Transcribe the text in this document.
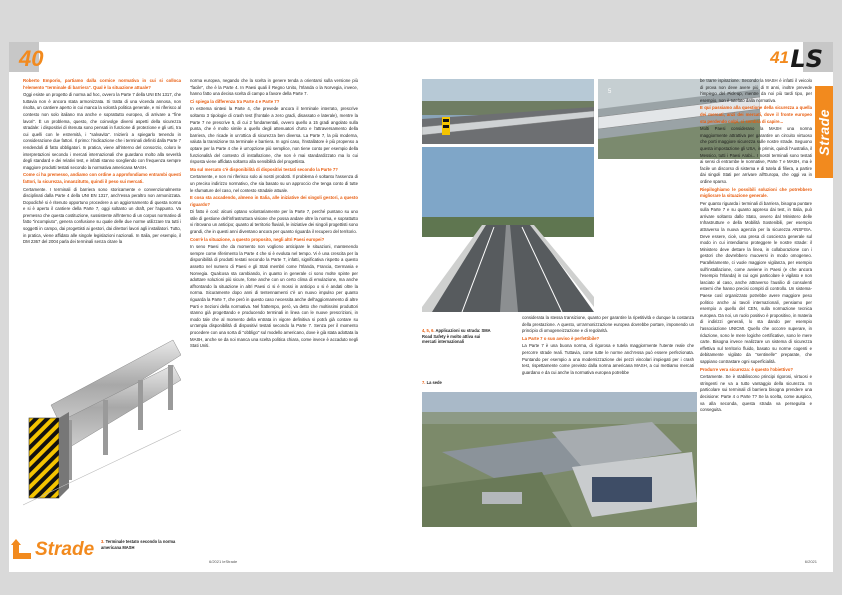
40

Roberto Emporio, partiamo dalla cornice normativa in cui si colloca l'elemento "terminale di barriera". Qual è la situazione attuale?

Oggi esiste un progetto di norma ad hoc, ovvero la Parte 7 della UNI EN 1317, che tuttavia non è ancora stata armonizzata. Si tratta di una vicenda annosa, non risolta, un cantiere aperto in cui manca la volontà politica generale, e mi riferisco al contesto non solo italiano ma anche e soprattutto europeo, di arrivare a "fine lavori". È un problema, questo, che coinvolge diversi aspetti della sicurezza stradale: i dispositivi di ritenuta sono pensati in funzione di protezione e gli urti, tra cui quelli con le estremità, i "salvavita". Inizierò a spiegarlo tenendo in considerazione due fattori. Il primo: l'indicazione che i terminali definiti dalla Parte 7 rendendoli di fatto obbligatori. In pratica, viene all'interno del consorzio, coloro le interpretazioni secondo i mercati internazionali che guardano molto alla severità degli standard e dei relativi test, e infatti stanno scegliendo con frequenza sempre maggiore prodotti testati secondo la normativa americana MASH.

Come ci ha premesso, andiamo con ordine a approfondiamo entrambi questi fattori, la sicurezza, innanzitutto, quindi il peso sui mercati.

Certamente. I terminali di barriera sono storicamente e convenzionalmente disciplinati dalla Parte 4 della UNI EN 1317, anch'essa peraltro non armonizzata. Dopodiché si è ritenuto opportuno procedere a un aggiornamento di questa norma e si è aperto il cantiere della Parte 7, oggi soltanto un draft, per l'appunto. Va premesso che questa costituzione, sussistente all'interno di un corpus normativo di fatto "incompiuto", genera confusione su quale delle due norme utilizzare tra tutti i soggetti in campo, dai progettisti ai gestori, dai direttori lavori agli installatori. Tutto, in pratica, viene affidato alle singole legislazioni nazionali. In Italia, per esempio, il DM 2367 del 2004 parla dei terminali senza citare la

norma europea, negando che la scelta in genere tenda a orientarsi sulla versione più "facile", che è la Parte 4. In Paesi quali il Regno Unito, l'Irlanda o la Norvegia, invece, hanno fatto una decisa scelta di campo a favore della Parte 7.

Ci spiega la differenza tra Parte 4 e Parte 7?

In estrema sintesi la Parte 4, che prevede ancora il terminale interrato, prescrive soltanto 3 tipologie di crash test (frontale a zero gradi, disassato e laterale), mentre la Parte 7 ne prescrive 5, di cui 2 fondamentali, ovvero quello a 15 gradi angolato sulla punta, che è molto simile a quello degli attenuatori d'urto e l'attraversamento della barriera, che ricade in un'ottica di sicurezza ben diversa. La Parte 7, la più moderna, valuta la transizione tra terminale e barriera. In ogni caso, l'installatore è più propenso a optare per la Parte 4 che è un'opzione più semplice, non tiene conto per esempio della funzionalità del contesto di installazione, che non è mai standardizzato ma lo cui risposta viene affidata soltanto alla sensibilità del progettista.

Ma sul mercato c'è disponibilità di dispositivi testati secondo la Parte 7?

Certamente, e non mi riferisco solo ai nostri prodotti. Il problema è soltanto l'assenza di un preciso indirizzo normativo, che sia basato su un approccio che tenga conto di tutte le sfumature del caso, nel contesto stradale attuale.

E cosa sta accadendo, almeno in Italia, alle iniziative dei singoli gestori, a questo riguardo?

Di fatto è così: alcuni optano volontariamente per la Parte 7, perché puntano su uno stile di gestione dell'infrastruttura visione che possa andare oltre la norma, e soprattutto vi ritrovano un anticipo; quanto al territorio fluviali, le iniziative dei singoli progettisti sono grandi, che in questi anni diventano ancora per quanto riguarda il recupero del territorio.

Com'è la situazione, a questo proposito, negli altri Paesi europei?

In seno Paesi che da momento non vogliono anticipare le situazioni, mantenendo sempre come riferimento la Parte 4 che si è evoluta nel tempo. Vi è una crescita per la disponibilità di prodotti testati secondo la Parte 7, infatti, significativa rispetto a questo assetto nel numero di Paesi e gli Stati membri come l'Irlanda, Francia, Germania e Norvegia. Qualcosa sta cambiando, in quanto in generale ci sono molte spinte per adottare soluzioni più sicure, forse anche con un certo clima di emulazione, ma anche affrontando la situazione in altri Paesi ci si è mossi in anticipo o si è andati oltre la norma. Sicuramente dopo anni di tentennamenti c'è un nuovo impulso per quanto riguarda la Parte 7, che però in questo caso necessita anche dell'aggiornamento di altre Parti e Sezioni della normativa. Nel frattempo, però, va detto che moltissimi produttori stanno già progettando e producendo terminali in linea con le nuove prescrizioni, in modo tale che al momento della entrata in vigore definitiva si potrà già contare su un'ampia disponibilità di dispositivi testati secondo la Parte 7. Senza per il momento procedere con una sorta di "obbligo" sul modello americano, dove è già stata adottata la MASH, anche se da noi manca una scelta politica chiara, come invece è accaduto negli Stati Uniti.

3. Terminale testato secondo la norma americana MASH
Strade
6/2021 leStrade
41 LS
Strade
5
4, 5, 6. Applicazioni su strada: SMA Road Safety è molto attiva sui mercati internazionali
7. La sede

considerata la stessa transizione, quanto per garantire la ripetitività e dunque la costanza della prestazione. A questo, un'armonizzazione europea dovrebbe portare, imponendo un principio di omogeneizzazione e di regolarità.

La Parte 7 o suo avviso è perfettibile?

La Parte 7 è una buona norma, di rigorosa e tutela maggiormente l'utente reale che percorre strade reali. Tuttavia, come tutte le norme anch'essa può essere perfezionata. Puntando per esempio a una modernizzazione dei pezzi vincolari impiegati per i crash test, rispettamente come previsto dalla norma americana MASH, a cui mettiamo mercati guardano e da cui anche la normativa europea potrebbe

be trarre ispirazione. Secondo la MASH è infatti il veicolo di prova non deve avere più di 8 anni, inoltre prevede l'impiego del Pick-up, mentre da noi più tardi tipo, per esempio, non è tutelato dalla normativa.

E qui passiamo alla questione della sicurezza a quella dei mercati, anzi dei mercati, dove il fronte europeo sta perdendo colpi, ci sembra di capire...

Molti Paesi considerano la MASH una norma maggiormente attrattiva per garantire un circuito virtuoso che porti maggiore sicurezza sulle nostre strade. Seguono questa impostazione gli USA, in primis, quindi l'Australia, il Messico, tutti i Paesi Arabi... I nostri terminali sono testati ai sensi di entrambe le normative, Parte 7 e MASH, ma è facile un discorso di sistema e di tutela di filiera, a partire dai singoli Stati per arrivare all'Europa, che oggi va in ordine sparso.

Riepiloghiamo le possibili soluzioni che potrebbero migliorare la situazione generale.

Per quanto riguarda i terminali di barriera, bisogna puntare sulla Parte 7 e su quanto appreso dai test, in Italia, può arrivare soltanto dallo Stato, ovvero dal Ministero delle Infrastrutture e della Mobilità Sostenibili, per esempio attraverso la nuova agenzia per la sicurezza ANSFISA. Deve essere, cioè, una presa di coscienza generale sul modo in cui intendiamo proteggere le nostre strade: il Ministero deve dettare la linea, in collaborazione con i gestori che dovrebbero muoversi in modo omogeneo. Parallelamente, ci vuole maggiore vigilanza, per esempio sull'installazione, come avviene in Paesi (e che ancora l'esempio l'Irlanda) in cui ogni particolare è vigilato e non lasciato al caso, anche attraverso l'ausilio di consulenti esterni che hanno precisi compiti di controllo. Un sistema-Paese così organizzato potrebbe avere maggiore peso politico anche ai tavoli internazionali, pensiamo per esempio a quello del CEN, sulla normazione tecnica europea. Da noi, un ruolo positivo è propositivo, in materia di indirizzi generali, lo sta dando per esempio l'associazione UNICMI. Quello che occorre superare, in riduzione, sono le mere logiche certificative, sono le mere carte. Bisogna invece realizzare un sistema di sicurezza effettiva sul territorio fluido, basato su norme cogenti e debitamente vigilato da "sentinelle" preparate, che sappiano contrastare ogni superficialità.

Produrre vera sicurezza: è questo l'obiettivo?

Certamente. Se è stabiliscono principi rigorosi, virtuosi e stringenti ne va a tutto vantaggio della sicurezza. In particolare sui terminali di barriera bisogna prendere una decisione: Parte 4 o Parte 7? Se la scelta, come auspico, va alla seconda, questa strada va perseguita e conseguita.

6/2021
